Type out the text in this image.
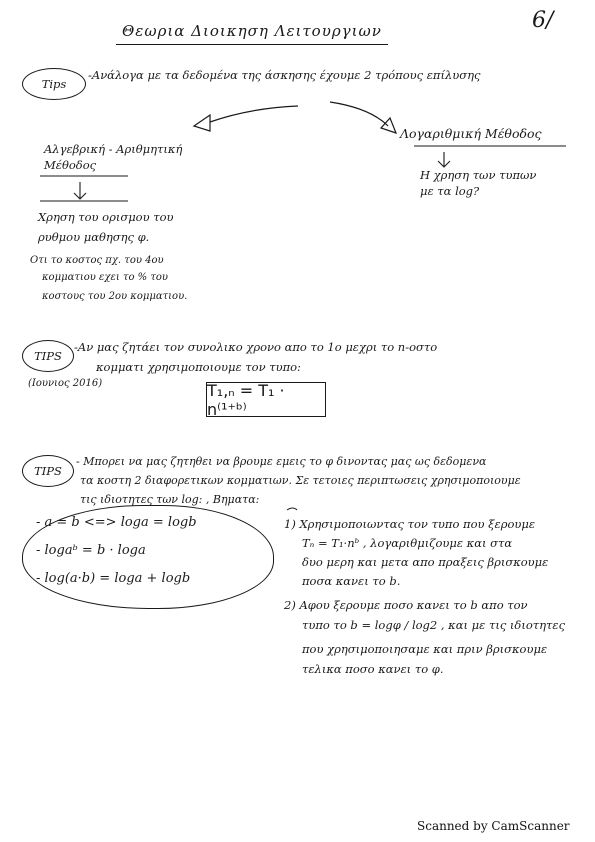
6/
Θεωρια Διοικηση Λειτουργιων
Tips
-Ανάλογα με τα δεδομένα της άσκησης έχουμε 2 τρόπους επίλυσης
Αλγεβρική - Αριθμητική
Μέθοδος
Λογαριθμική Μέθοδος
Η χρηση των τυπων
με τα log?
Χρηση του ορισμου του
ρυθμου μαθησης φ.
Οτι το κοστος πχ. του 4ου
κομματιου εχει το % του
κοστους του 2ου κομματιου.
TIPS
-Αν μας ζητάει τον συνολικο χρονο απο το 1ο μεχρι το n-οστο
κομματι χρησιμοποιουμε τον τυπο:
(Ιουνιος 2016)	T₁,ₙ = T₁ · n⁽¹⁺ᵇ⁾
TIPS
- Μπορει να μας ζητηθει να βρουμε εμεις το φ δινοντας μας ως δεδομενα
τα κοστη 2 διαφορετικων κομματιων. Σε τετοιες περιπτωσεις χρησιμοποιουμε
τις ιδιοτητες των log: , Βηματα:
- a = b <=> loga = logb
- logaᵇ = b · loga
- log(a·b) = loga + logb
1) Χρησιμοποιωντας τον τυπο που ξερουμε
Tₙ = T₁·nᵇ , λογαριθμιζουμε και στα
δυο μερη και μετα απο πραξεις βρισκουμε
ποσα κανει το b.
2) Αφου ξερουμε ποσο κανει το b απο τον
τυπο το b = logφ / log2 , και με τις ιδιοτητες
που χρησιμοποιησαμε και πριν βρισκουμε
τελικα ποσο κανει το φ.
Scanned by CamScanner
